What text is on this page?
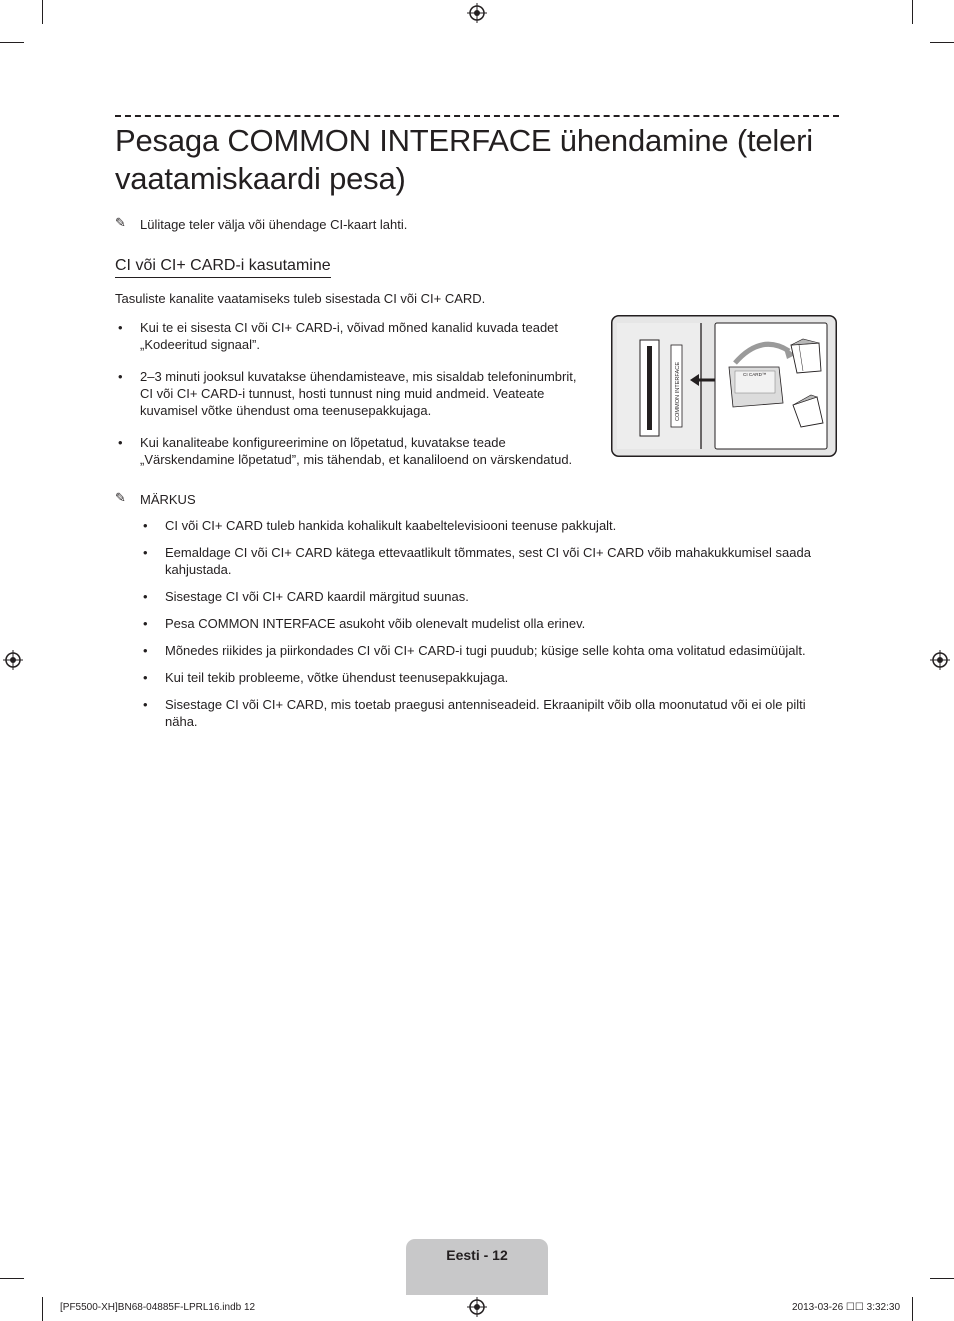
Pesaga COMMON INTERFACE ühendamine (teleri vaatamiskaardi pesa)
✎ Lülitage teler välja või ühendage CI-kaart lahti.
CI või CI+ CARD-i kasutamine
Tasuliste kanalite vaatamiseks tuleb sisestada CI või CI+ CARD.
• Kui te ei sisesta CI või CI+ CARD-i, võivad mõned kanalid kuvada teadet „Kodeeritud signaal”.
• 2–3 minuti jooksul kuvatakse ühendamisteave, mis sisaldab telefoninumbrit, CI või CI+ CARD-i tunnust, hosti tunnust ning muid andmeid. Veateate kuvamisel võtke ühendust oma teenusepakkujaga.
• Kui kanaliteabe konfigureerimine on lõpetatud, kuvatakse teade „Värskendamine lõpetatud”, mis tähendab, et kanaliloend on värskendatud.
COMMON INTERFACE	CI CARD™
✎ MÄRKUS
• CI või CI+ CARD tuleb hankida kohalikult kaabeltelevisiooni teenuse pakkujalt.
• Eemaldage CI või CI+ CARD kätega ettevaatlikult tõmmates, sest CI või CI+ CARD võib mahakukkumisel saada kahjustada.
• Sisestage CI või CI+ CARD kaardil märgitud suunas.
• Pesa COMMON INTERFACE asukoht võib olenevalt mudelist olla erinev.
• Mõnedes riikides ja piirkondades CI või CI+ CARD-i tugi puudub; küsige selle kohta oma volitatud edasimüüjalt.
• Kui teil tekib probleeme, võtke ühendust teenusepakkujaga.
• Sisestage CI või CI+ CARD, mis toetab praegusi antenniseadeid. Ekraanipilt võib olla moonutatud või ei ole pilti näha.
Eesti - 12
[PF5500-XH]BN68-04885F-LPRL16.indb 12	2013-03-26 ☐☐ 3:32:30
